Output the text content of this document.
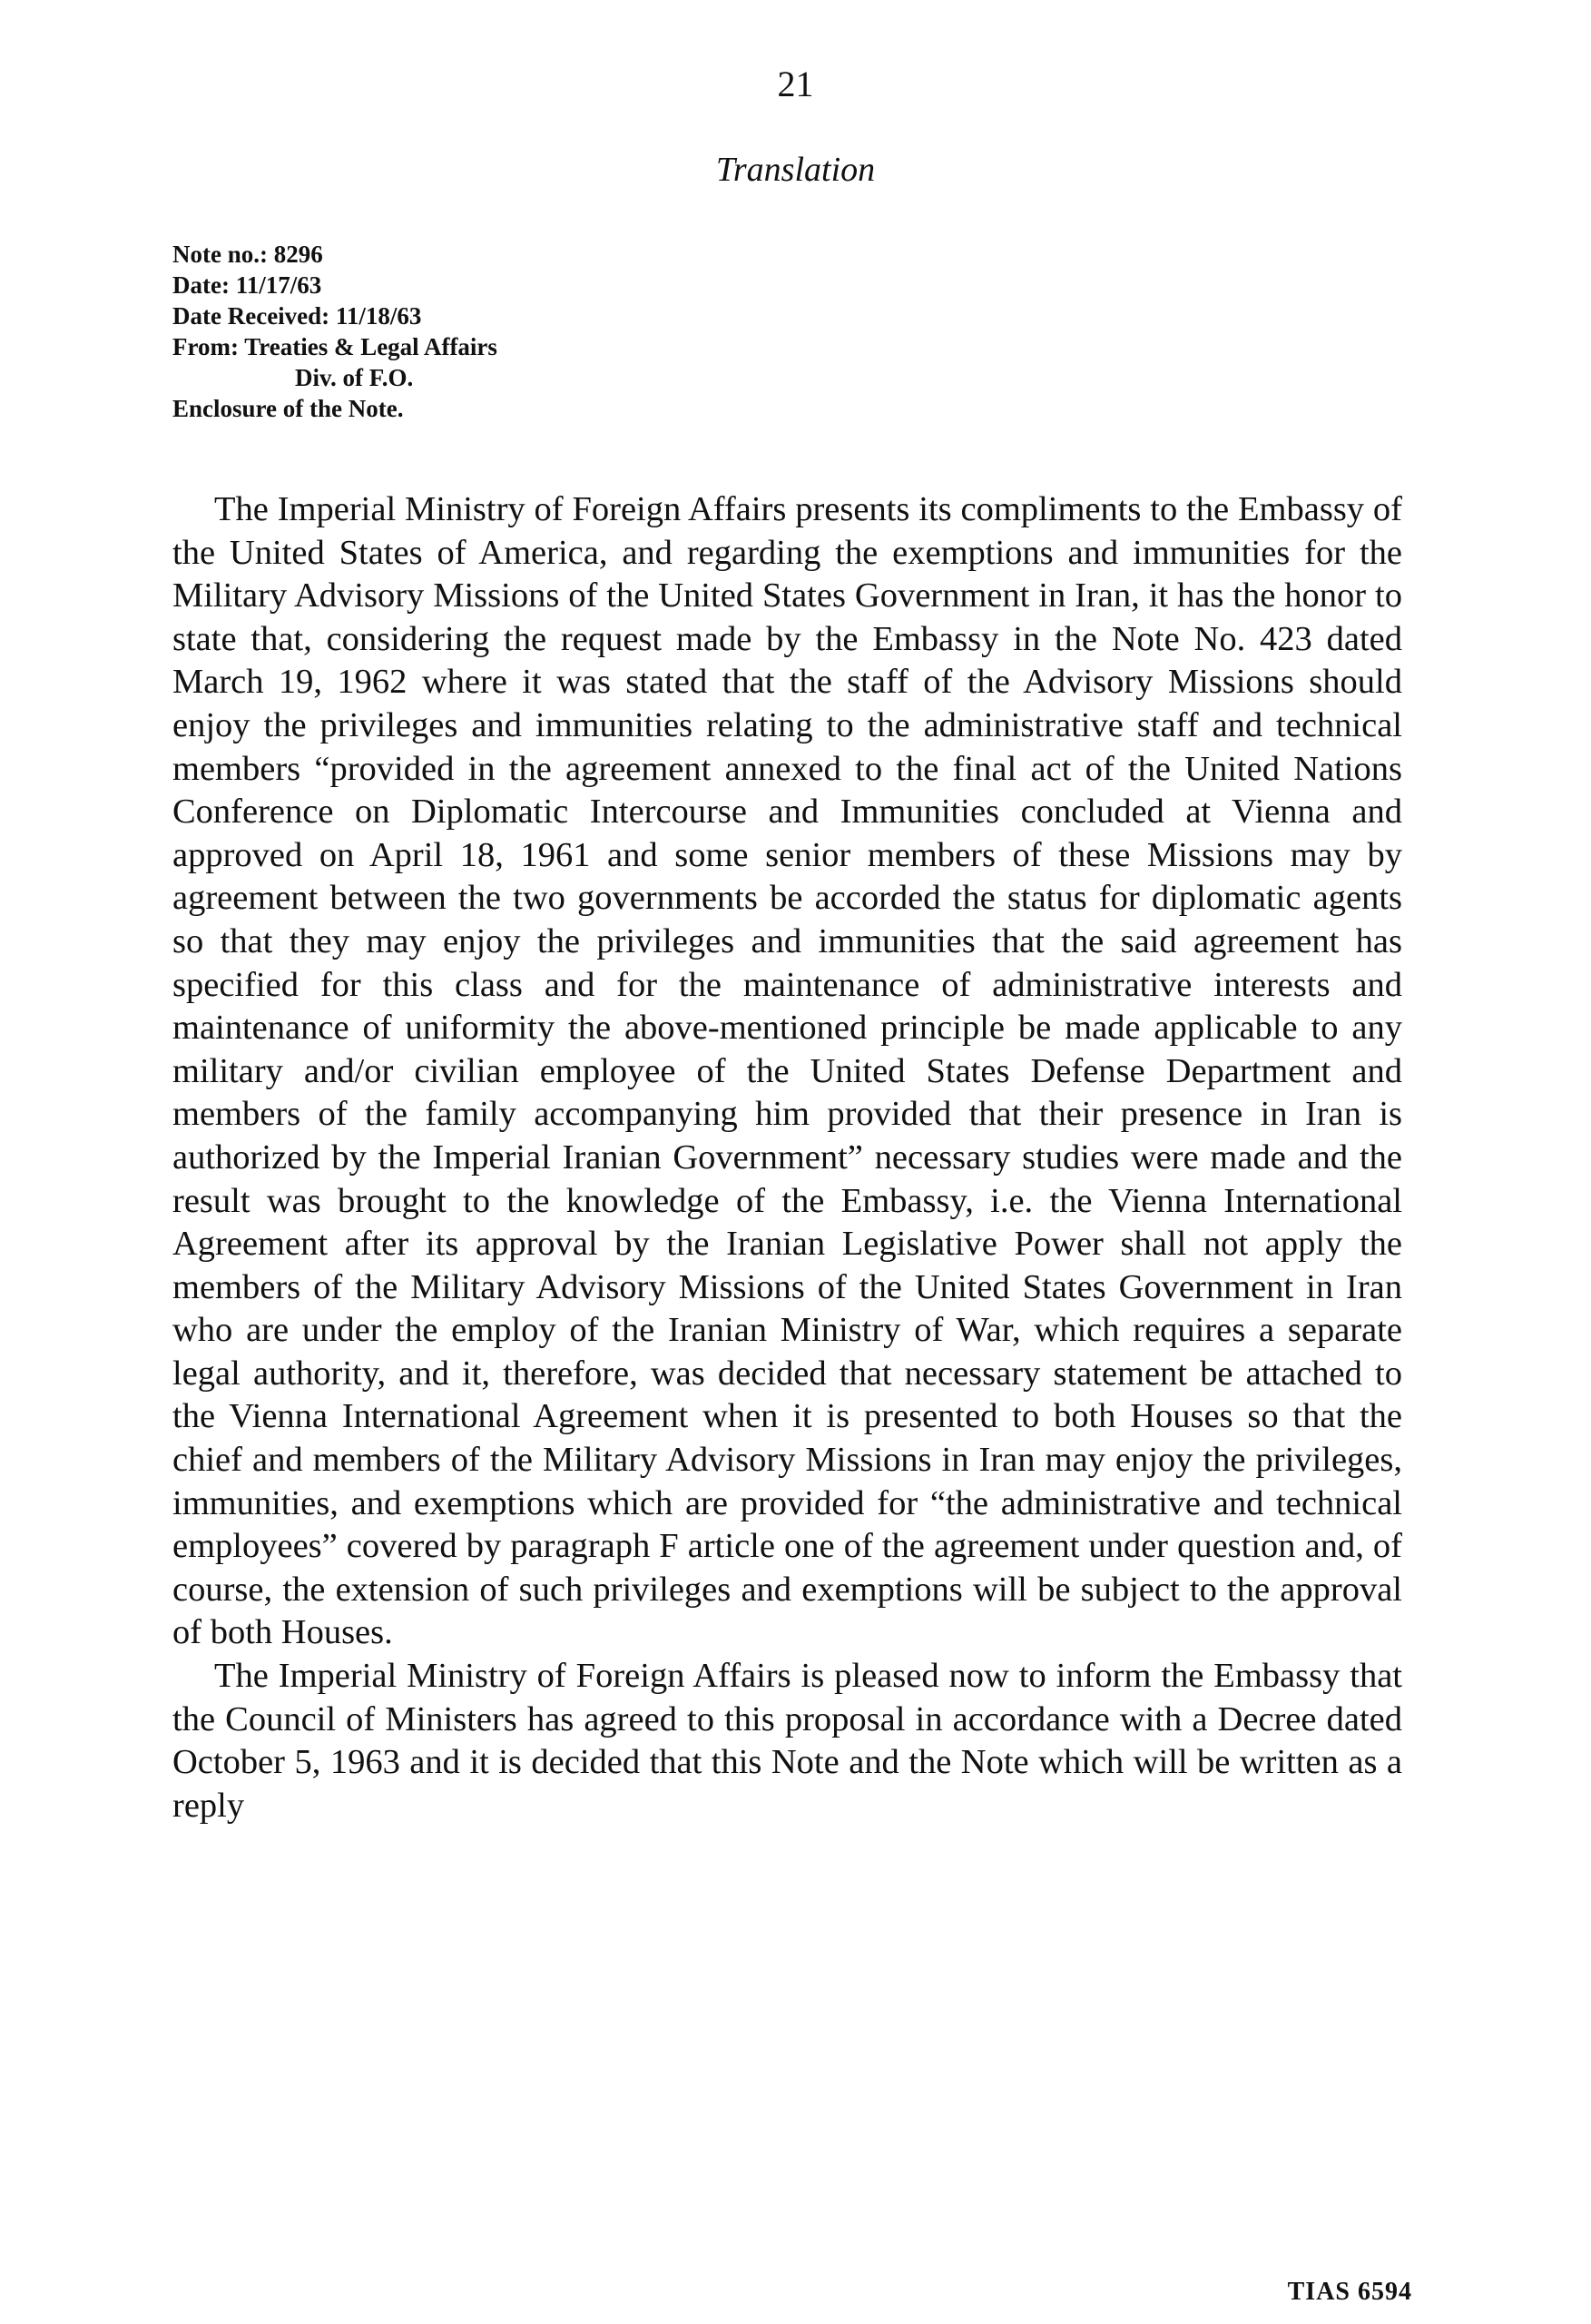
21
Translation
Note no.: 8296
Date: 11/17/63
Date Received: 11/18/63
From: Treaties & Legal Affairs
Div. of F.O.
Enclosure of the Note.

The Imperial Ministry of Foreign Affairs presents its compliments to the Embassy of the United States of America, and regarding the exemptions and immunities for the Military Advisory Missions of the United States Government in Iran, it has the honor to state that, considering the request made by the Embassy in the Note No. 423 dated March 19, 1962 where it was stated that the staff of the Advisory Missions should enjoy the privileges and immunities relating to the administrative staff and technical members “provided in the agreement annexed to the final act of the United Nations Conference on Diplomatic Intercourse and Immunities concluded at Vienna and approved on April 18, 1961 and some senior members of these Missions may by agreement between the two governments be accorded the status for diplomatic agents so that they may enjoy the privileges and immunities that the said agreement has specified for this class and for the maintenance of administrative interests and maintenance of uniformity the above-mentioned principle be made applicable to any military and/or civilian employee of the United States Defense Department and members of the family accompanying him provided that their presence in Iran is authorized by the Imperial Iranian Government” necessary studies were made and the result was brought to the knowledge of the Embassy, i.e. the Vienna International Agreement after its approval by the Iranian Legislative Power shall not apply the members of the Military Advisory Missions of the United States Government in Iran who are under the employ of the Iranian Ministry of War, which requires a separate legal authority, and it, therefore, was decided that necessary statement be attached to the Vienna International Agreement when it is presented to both Houses so that the chief and members of the Military Advisory Missions in Iran may enjoy the privileges, immunities, and exemptions which are provided for “the administrative and technical employees” covered by paragraph F article one of the agreement under question and, of course, the extension of such privileges and exemptions will be subject to the approval of both Houses.

The Imperial Ministry of Foreign Affairs is pleased now to inform the Embassy that the Council of Ministers has agreed to this proposal in accordance with a Decree dated October 5, 1963 and it is decided that this Note and the Note which will be written as a reply

TIAS 6594
